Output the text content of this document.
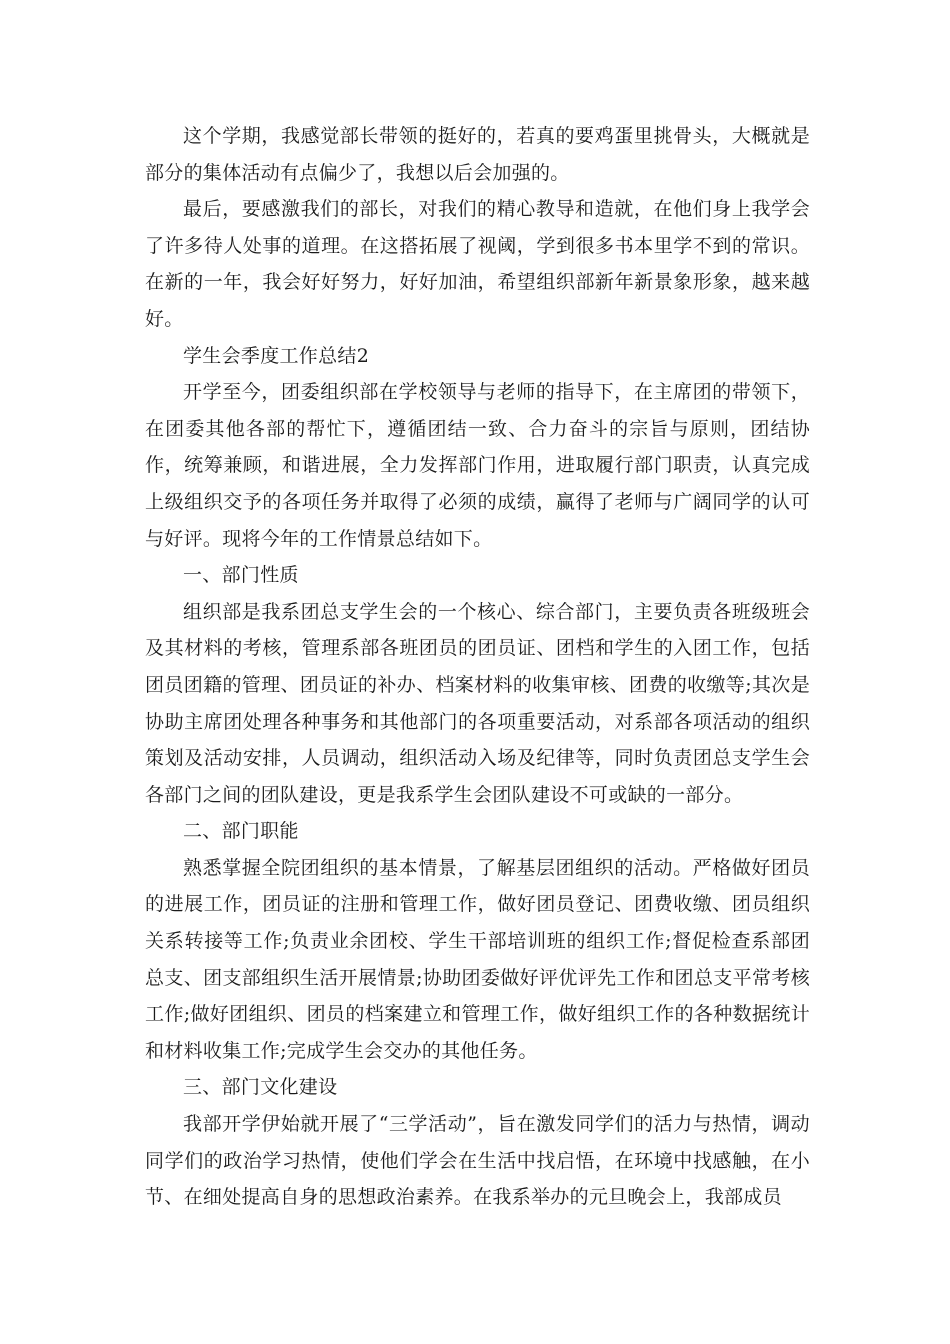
这个学期，我感觉部长带领的挺好的，若真的要鸡蛋里挑骨头，大概就是部分的集体活动有点偏少了，我想以后会加强的。

最后，要感激我们的部长，对我们的精心教导和造就，在他们身上我学会了许多待人处事的道理。在这搭拓展了视阈，学到很多书本里学不到的常识。在新的一年，我会好好努力，好好加油，希望组织部新年新景象形象，越来越好。

学生会季度工作总结2

开学至今，团委组织部在学校领导与老师的指导下，在主席团的带领下，在团委其他各部的帮忙下，遵循团结一致、合力奋斗的宗旨与原则，团结协作，统筹兼顾，和谐进展，全力发挥部门作用，进取履行部门职责，认真完成上级组织交予的各项任务并取得了必须的成绩，赢得了老师与广阔同学的认可与好评。现将今年的工作情景总结如下。

一、部门性质

组织部是我系团总支学生会的一个核心、综合部门，主要负责各班级班会及其材料的考核，管理系部各班团员的团员证、团档和学生的入团工作，包括团员团籍的管理、团员证的补办、档案材料的收集审核、团费的收缴等;其次是协助主席团处理各种事务和其他部门的各项重要活动，对系部各项活动的组织策划及活动安排，人员调动，组织活动入场及纪律等，同时负责团总支学生会各部门之间的团队建设，更是我系学生会团队建设不可或缺的一部分。

二、部门职能

熟悉掌握全院团组织的基本情景，了解基层团组织的活动。严格做好团员的进展工作，团员证的注册和管理工作，做好团员登记、团费收缴、团员组织关系转接等工作;负责业余团校、学生干部培训班的组织工作;督促检查系部团总支、团支部组织生活开展情景;协助团委做好评优评先工作和团总支平常考核工作;做好团组织、团员的档案建立和管理工作，做好组织工作的各种数据统计和材料收集工作;完成学生会交办的其他任务。

三、部门文化建设

我部开学伊始就开展了“三学活动”，旨在激发同学们的活力与热情，调动同学们的政治学习热情，使他们学会在生活中找启悟，在环境中找感触，在小节、在细处提高自身的思想政治素养。在我系举办的元旦晚会上，我部成员
